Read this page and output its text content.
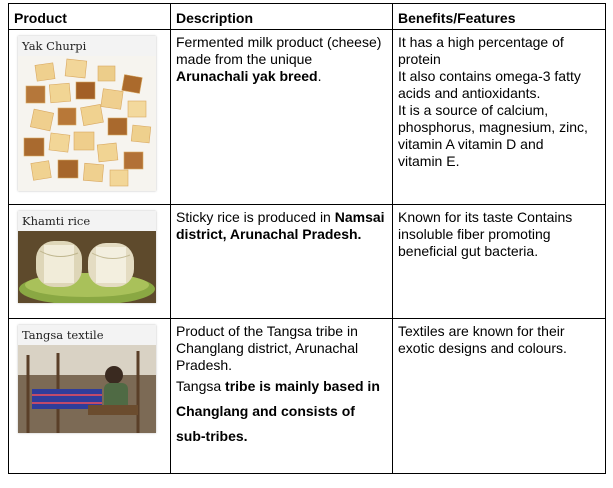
Product	Description	Benefits/Features

Yak Churpi	Fermented milk product (cheese) made from the unique Arunachali yak breed.	It has a high percentage of protein
It also contains omega-3 fatty acids and antioxidants.
It is a source of calcium, phosphorus, magnesium, zinc, vitamin A vitamin D and
vitamin E.

Khamti rice	Sticky rice is produced in Namsai district, Arunachal Pradesh.	Known for its taste Contains insoluble fiber promoting beneficial gut bacteria.

Tangsa textile	Product of the Tangsa tribe in Changlang district, Arunachal Pradesh.
Tangsa tribe is mainly based in Changlang and consists of sub-tribes.	Textiles are known for their exotic designs and colours.
